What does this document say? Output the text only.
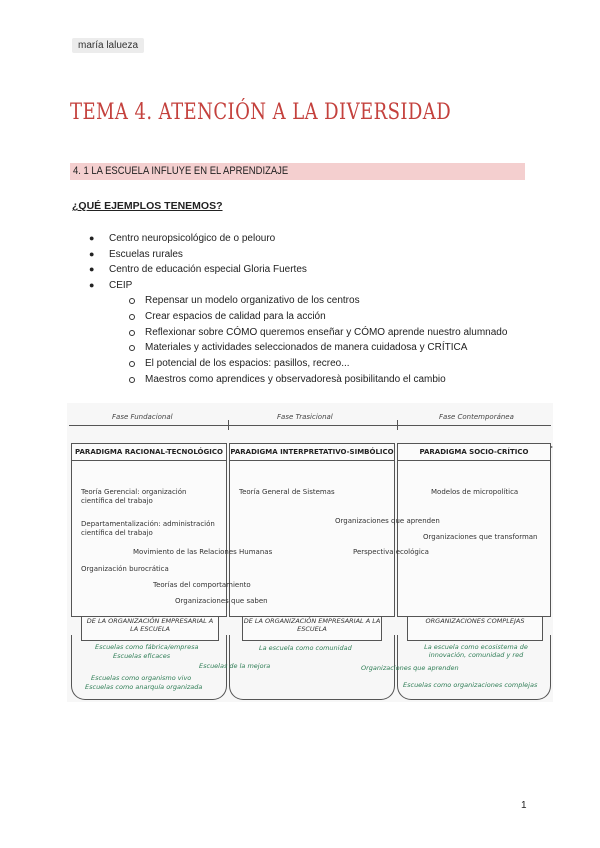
maría lalueza
TEMA 4. ATENCIÓN A LA DIVERSIDAD
4. 1 LA ESCUELA INFLUYE EN EL APRENDIZAJE
¿QUÉ EJEMPLOS TENEMOS?
● Centro neuropsicológico de o pelouro
● Escuelas rurales
● Centro de educación especial Gloria Fuertes
● CEIP
Repensar un modelo organizativo de los centros
Crear espacios de calidad para la acción
Reflexionar sobre CÓMO queremos enseñar y CÓMO aprende nuestro alumnado
Materiales y actividades seleccionados de manera cuidadosa y CRÍTICA
El potencial de los espacios: pasillos, recreo...
Maestros como aprendices y observadoresà posibilitando el cambio
Fase Fundacional	Fase Trasicional	Fase Contemporánea
PARADIGMA RACIONAL-TECNOLÓGICO	PARADIGMA INTERPRETATIVO-SIMBÓLICO	PARADIGMA SOCIO-CRÍTICO
Teoría Gerencial: organización científica del trabajo
Teoría General de Sistemas	Modelos de micropolítica
Departamentalización: administración científica del trabajo
Organizaciones que aprenden
Organizaciones que transforman
Movimiento de las Relaciones Humanas	Perspectiva ecológica
Organización burocrática
Teorías del comportamiento
Organizaciones que saben
DE LA ORGANIZACIÓN EMPRESARIAL A LA ESCUELA
DE LA ORGANIZACIÓN EMPRESARIAL A LA ESCUELA
ORGANIZACIONES COMPLEJAS
Escuelas como fábrica/empresa
Escuelas eficaces
Escuelas de la mejora
Escuelas como organismo vivo
Escuelas como anarquía organizada
La escuela como comunidad
Organizaciones que aprenden
La escuela como ecosistema de innovación, comunidad y red
Escuelas como organizaciones complejas
1
